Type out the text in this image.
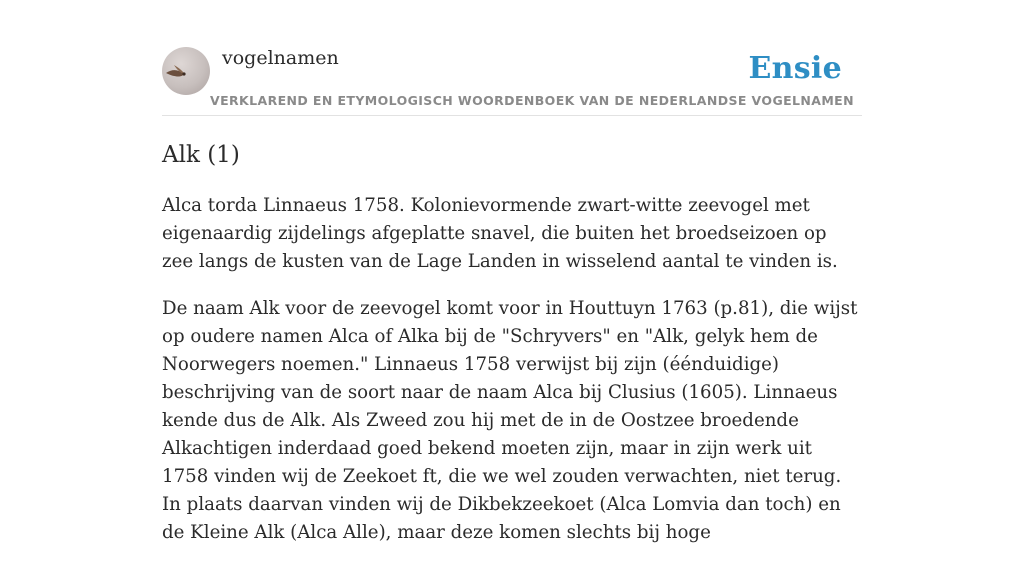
vogelnamen	Ensie
VERKLAREND EN ETYMOLOGISCH WOORDENBOEK VAN DE NEDERLANDSE VOGELNAMEN
Alk (1)

Alca torda Linnaeus 1758. Kolonievormende zwart-witte zeevogel met eigenaardig zijdelings afgeplatte snavel, die buiten het broedseizoen op zee langs de kusten van de Lage Landen in wisselend aantal te vinden is.

De naam Alk voor de zeevogel komt voor in Houttuyn 1763 (p.81), die wijst op oudere namen Alca of Alka bij de "Schryvers" en "Alk, gelyk hem de Noorwegers noemen." Linnaeus 1758 verwijst bij zijn (éénduidige) beschrijving van de soort naar de naam Alca bij Clusius (1605). Linnaeus kende dus de Alk. Als Zweed zou hij met de in de Oostzee broedende Alkachtigen inderdaad goed bekend moeten zijn, maar in zijn werk uit 1758 vinden wij de Zeekoet ft, die we wel zouden verwachten, niet terug. In plaats daarvan vinden wij de Dikbekzeekoet (Alca Lomvia dan toch) en de Kleine Alk (Alca Alle), maar deze komen slechts bij hoge
